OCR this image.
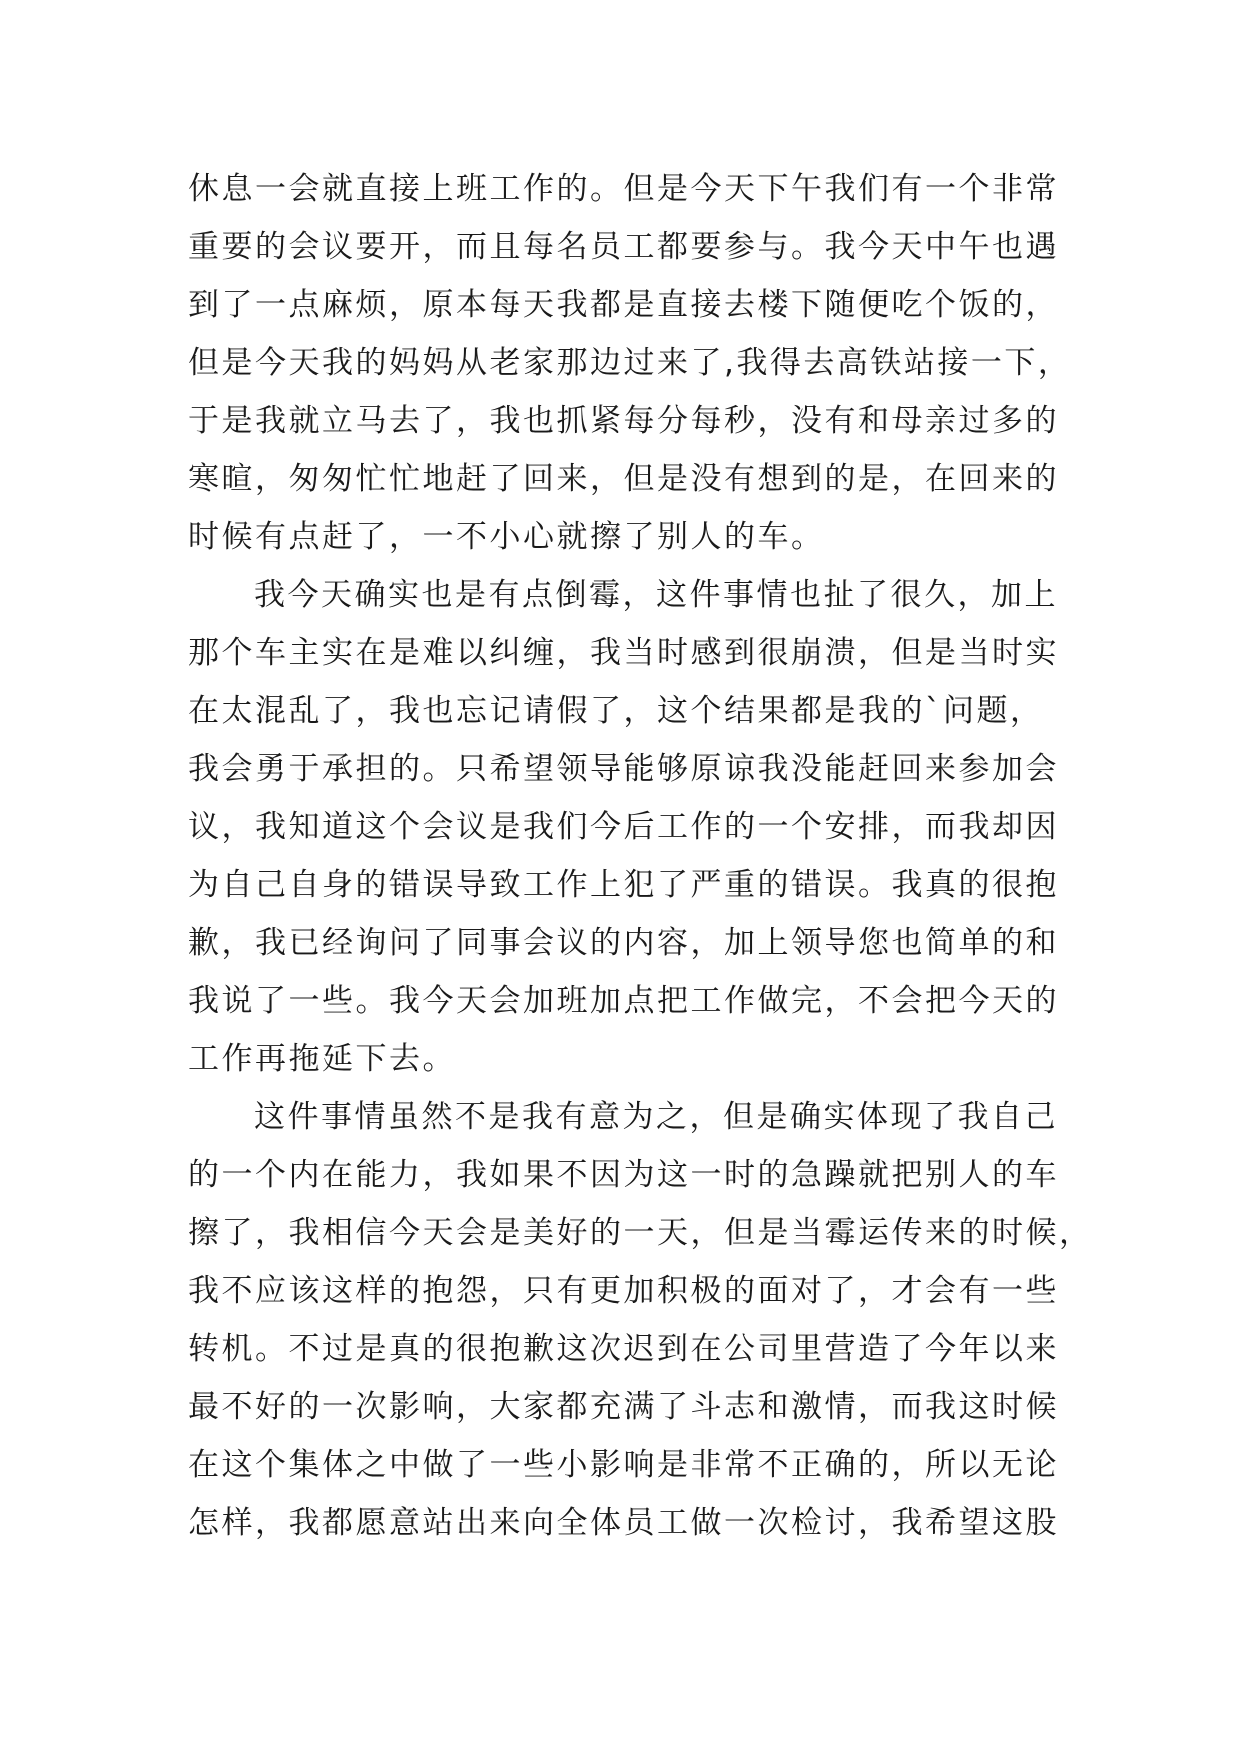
休息一会就直接上班工作的。但是今天下午我们有一个非常
重要的会议要开，而且每名员工都要参与。我今天中午也遇
到了一点麻烦，原本每天我都是直接去楼下随便吃个饭的，
但是今天我的妈妈从老家那边过来了,我得去高铁站接一下，
于是我就立马去了，我也抓紧每分每秒，没有和母亲过多的
寒暄，匆匆忙忙地赶了回来，但是没有想到的是，在回来的
时候有点赶了，一不小心就擦了别人的车。
我今天确实也是有点倒霉，这件事情也扯了很久，加上
那个车主实在是难以纠缠，我当时感到很崩溃，但是当时实
在太混乱了，我也忘记请假了，这个结果都是我的`问题，
我会勇于承担的。只希望领导能够原谅我没能赶回来参加会
议，我知道这个会议是我们今后工作的一个安排，而我却因
为自己自身的错误导致工作上犯了严重的错误。我真的很抱
歉，我已经询问了同事会议的内容，加上领导您也简单的和
我说了一些。我今天会加班加点把工作做完，不会把今天的
工作再拖延下去。
这件事情虽然不是我有意为之，但是确实体现了我自己
的一个内在能力，我如果不因为这一时的急躁就把别人的车
擦了，我相信今天会是美好的一天，但是当霉运传来的时候，
我不应该这样的抱怨，只有更加积极的面对了，才会有一些
转机。不过是真的很抱歉这次迟到在公司里营造了今年以来
最不好的一次影响，大家都充满了斗志和激情，而我这时候
在这个集体之中做了一些小影响是非常不正确的，所以无论
怎样，我都愿意站出来向全体员工做一次检讨，我希望这股
